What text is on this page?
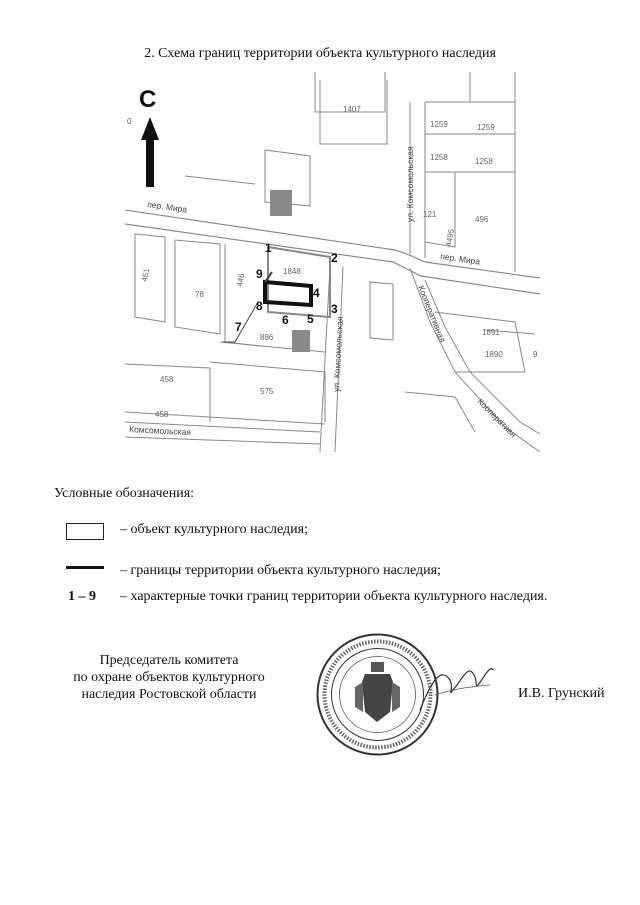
2. Схема границ территории объекта культурного наследия
С
1
2
3
4
5
6
7
8
9
пер. Мира
пер. Мира
ул. Комсомольская
ул. Комсомольская
Комсомольская
Кооперативная
Кооперативн
1407
1259	1259
1258	1258
121
496
4495
78
446
1848
886
458
1891
1890
575
458
451
0
9
Условные обозначения:
– объект культурного наследия;
– границы территории объекта культурного наследия;
1 – 9 – характерные точки границ территории объекта культурного наследия.
Председатель комитета
по охране объектов культурного
наследия Ростовской области	И.В. Грунский
